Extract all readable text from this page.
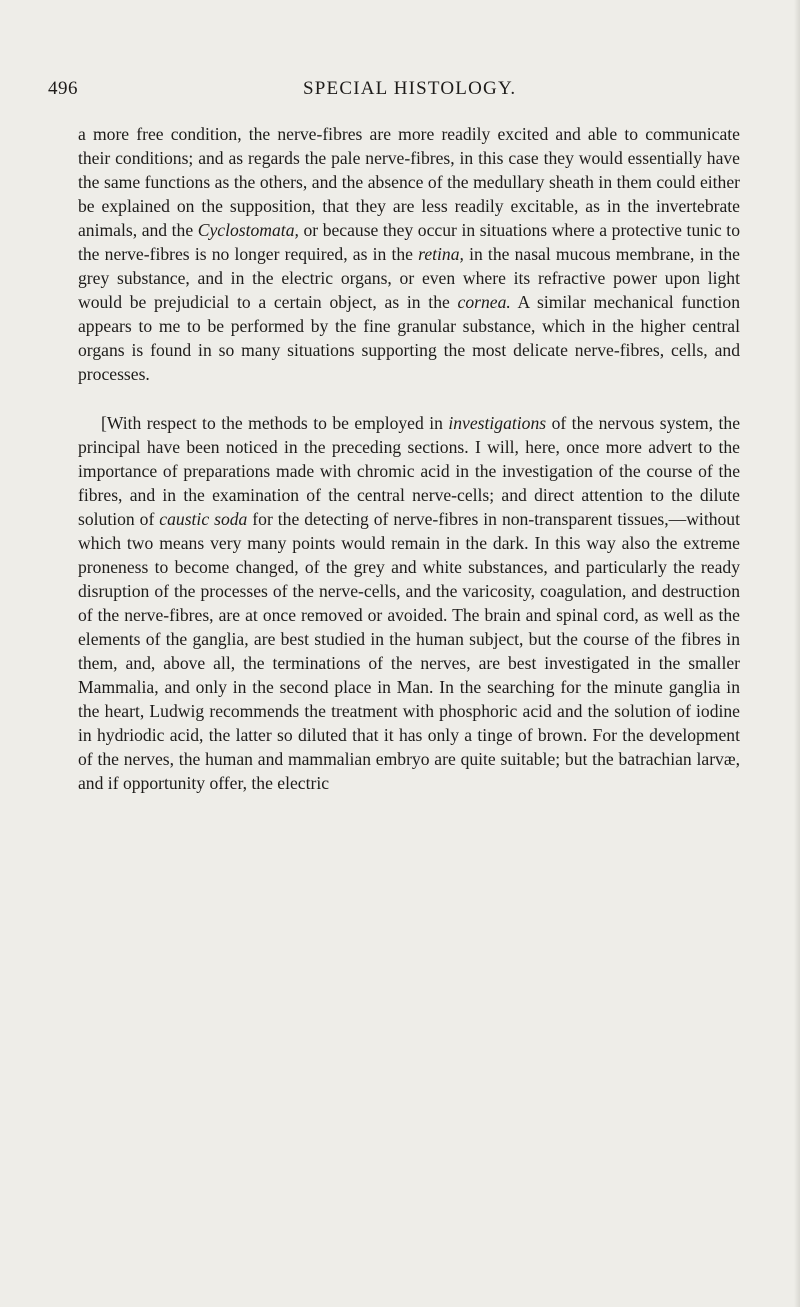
496	SPECIAL HISTOLOGY.

a more free condition, the nerve-fibres are more readily excited and able to communicate their conditions; and as regards the pale nerve-fibres, in this case they would essentially have the same functions as the others, and the absence of the medullary sheath in them could either be explained on the supposition, that they are less readily excitable, as in the invertebrate animals, and the Cyclostomata, or because they occur in situations where a protective tunic to the nerve-fibres is no longer required, as in the retina, in the nasal mucous membrane, in the grey substance, and in the electric organs, or even where its refractive power upon light would be prejudicial to a certain object, as in the cornea. A similar mechanical function appears to me to be performed by the fine granular substance, which in the higher central organs is found in so many situations supporting the most delicate nerve-fibres, cells, and processes.

[With respect to the methods to be employed in investigations of the nervous system, the principal have been noticed in the preceding sections. I will, here, once more advert to the importance of preparations made with chromic acid in the investigation of the course of the fibres, and in the examination of the central nerve-cells; and direct attention to the dilute solution of caustic soda for the detecting of nerve-fibres in non-transparent tissues,—without which two means very many points would remain in the dark. In this way also the extreme proneness to become changed, of the grey and white substances, and particularly the ready disruption of the processes of the nerve-cells, and the varicosity, coagulation, and destruction of the nerve-fibres, are at once removed or avoided. The brain and spinal cord, as well as the elements of the ganglia, are best studied in the human subject, but the course of the fibres in them, and, above all, the terminations of the nerves, are best investigated in the smaller Mammalia, and only in the second place in Man. In the searching for the minute ganglia in the heart, Ludwig recommends the treatment with phosphoric acid and the solution of iodine in hydriodic acid, the latter so diluted that it has only a tinge of brown. For the development of the nerves, the human and mammalian embryo are quite suitable; but the batrachian larvæ, and if opportunity offer, the electric
